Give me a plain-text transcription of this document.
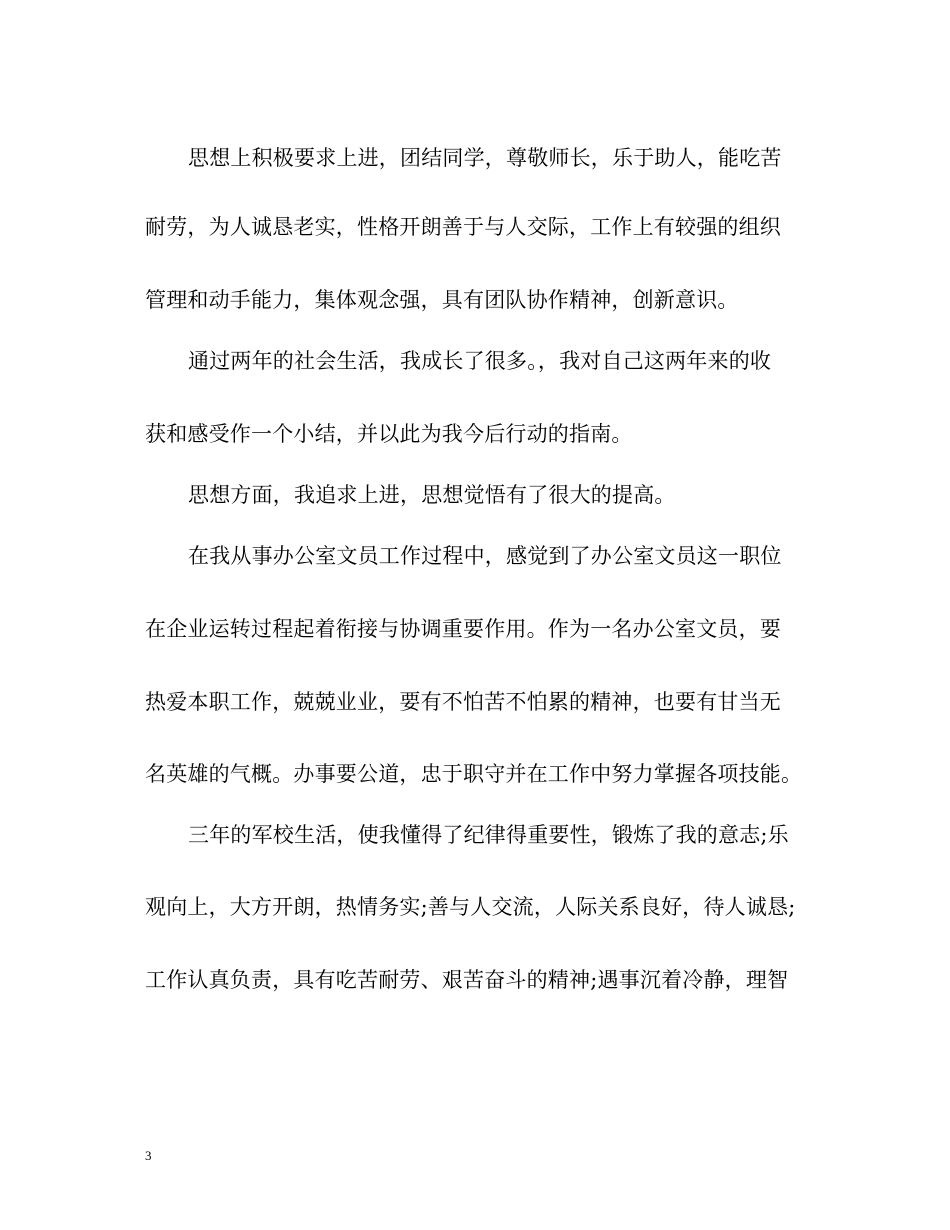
思想上积极要求上进，团结同学，尊敬师长，乐于助人，能吃苦
耐劳，为人诚恳老实，性格开朗善于与人交际，工作上有较强的组织
管理和动手能力，集体观念强，具有团队协作精神，创新意识。
通过两年的社会生活，我成长了很多。，我对自己这两年来的收
获和感受作一个小结，并以此为我今后行动的指南。
思想方面，我追求上进，思想觉悟有了很大的提高。
在我从事办公室文员工作过程中，感觉到了办公室文员这一职位
在企业运转过程起着衔接与协调重要作用。作为一名办公室文员，要
热爱本职工作，兢兢业业，要有不怕苦不怕累的精神，也要有甘当无
名英雄的气概。办事要公道，忠于职守并在工作中努力掌握各项技能。
三年的军校生活，使我懂得了纪律得重要性，锻炼了我的意志;乐
观向上，大方开朗，热情务实;善与人交流，人际关系良好，待人诚恳;
工作认真负责，具有吃苦耐劳、艰苦奋斗的精神;遇事沉着冷静，理智
3
